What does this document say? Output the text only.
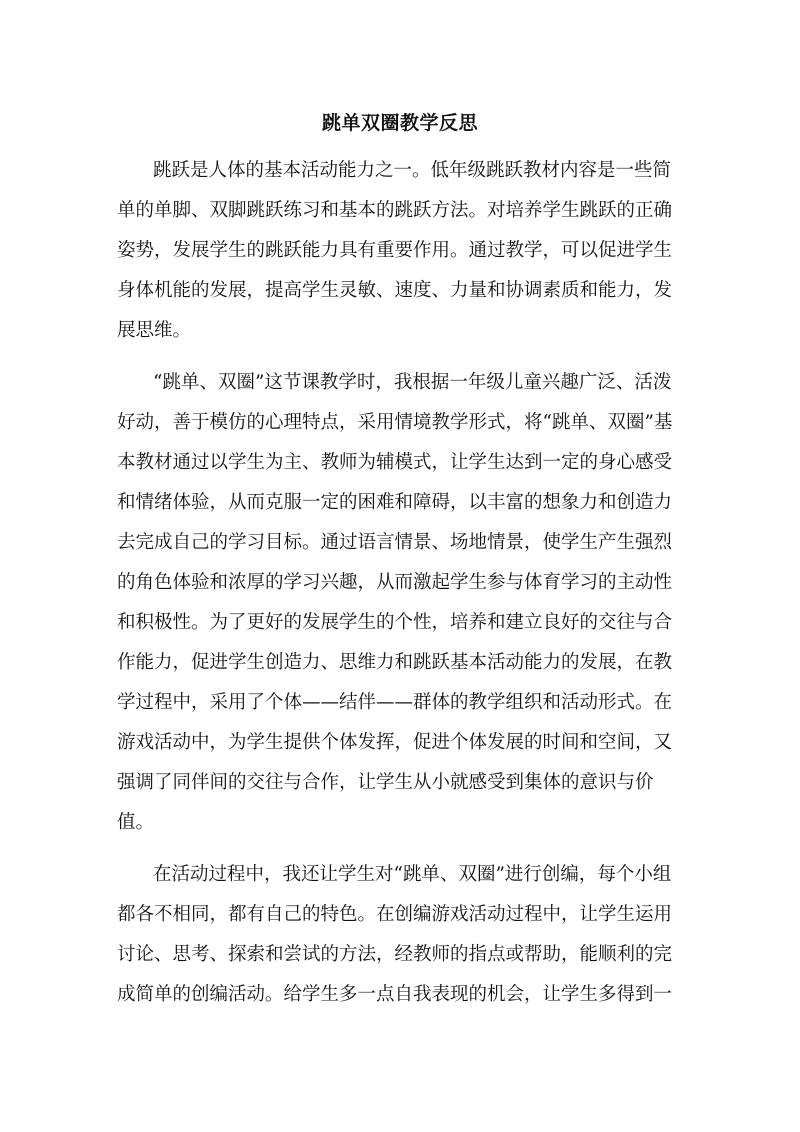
跳单双圈教学反思

跳跃是人体的基本活动能力之一。低年级跳跃教材内容是一些简

单的单脚、双脚跳跃练习和基本的跳跃方法。对培养学生跳跃的正确

姿势，发展学生的跳跃能力具有重要作用。通过教学，可以促进学生

身体机能的发展，提高学生灵敏、速度、力量和协调素质和能力，发

展思维。

“跳单、双圈”这节课教学时，我根据一年级儿童兴趣广泛、活泼

好动，善于模仿的心理特点，采用情境教学形式，将“跳单、双圈”基

本教材通过以学生为主、教师为辅模式，让学生达到一定的身心感受

和情绪体验，从而克服一定的困难和障碍，以丰富的想象力和创造力

去完成自己的学习目标。通过语言情景、场地情景，使学生产生强烈

的角色体验和浓厚的学习兴趣，从而激起学生参与体育学习的主动性

和积极性。为了更好的发展学生的个性，培养和建立良好的交往与合

作能力，促进学生创造力、思维力和跳跃基本活动能力的发展，在教

学过程中，采用了个体——结伴——群体的教学组织和活动形式。在

游戏活动中，为学生提供个体发挥，促进个体发展的时间和空间，又

强调了同伴间的交往与合作，让学生从小就感受到集体的意识与价

值。

在活动过程中，我还让学生对“跳单、双圈”进行创编，每个小组

都各不相同，都有自己的特色。在创编游戏活动过程中，让学生运用

讨论、思考、探索和尝试的方法，经教师的指点或帮助，能顺利的完

成简单的创编活动。给学生多一点自我表现的机会，让学生多得到一
